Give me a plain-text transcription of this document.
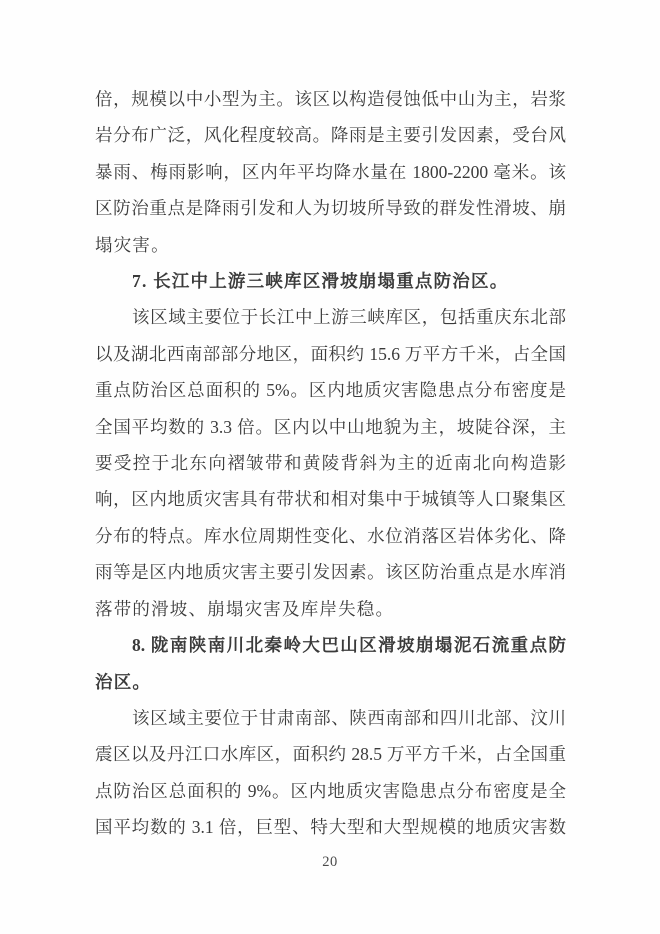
倍，规模以中小型为主。该区以构造侵蚀低中山为主，岩浆
岩分布广泛，风化程度较高。降雨是主要引发因素，受台风
暴雨、梅雨影响，区内年平均降水量在 1800-2200 毫米。该
区防治重点是降雨引发和人为切坡所导致的群发性滑坡、崩
塌灾害。
7. 长江中上游三峡库区滑坡崩塌重点防治区。
该区域主要位于长江中上游三峡库区，包括重庆东北部
以及湖北西南部部分地区，面积约 15.6 万平方千米，占全国
重点防治区总面积的 5%。区内地质灾害隐患点分布密度是
全国平均数的 3.3 倍。区内以中山地貌为主，坡陡谷深，主
要受控于北东向褶皱带和黄陵背斜为主的近南北向构造影
响，区内地质灾害具有带状和相对集中于城镇等人口聚集区
分布的特点。库水位周期性变化、水位消落区岩体劣化、降
雨等是区内地质灾害主要引发因素。该区防治重点是水库消
落带的滑坡、崩塌灾害及库岸失稳。
8. 陇南陕南川北秦岭大巴山区滑坡崩塌泥石流重点防
治区。
该区域主要位于甘肃南部、陕西南部和四川北部、汶川
震区以及丹江口水库区，面积约 28.5 万平方千米，占全国重
点防治区总面积的 9%。区内地质灾害隐患点分布密度是全
国平均数的 3.1 倍，巨型、特大型和大型规模的地质灾害数
20
